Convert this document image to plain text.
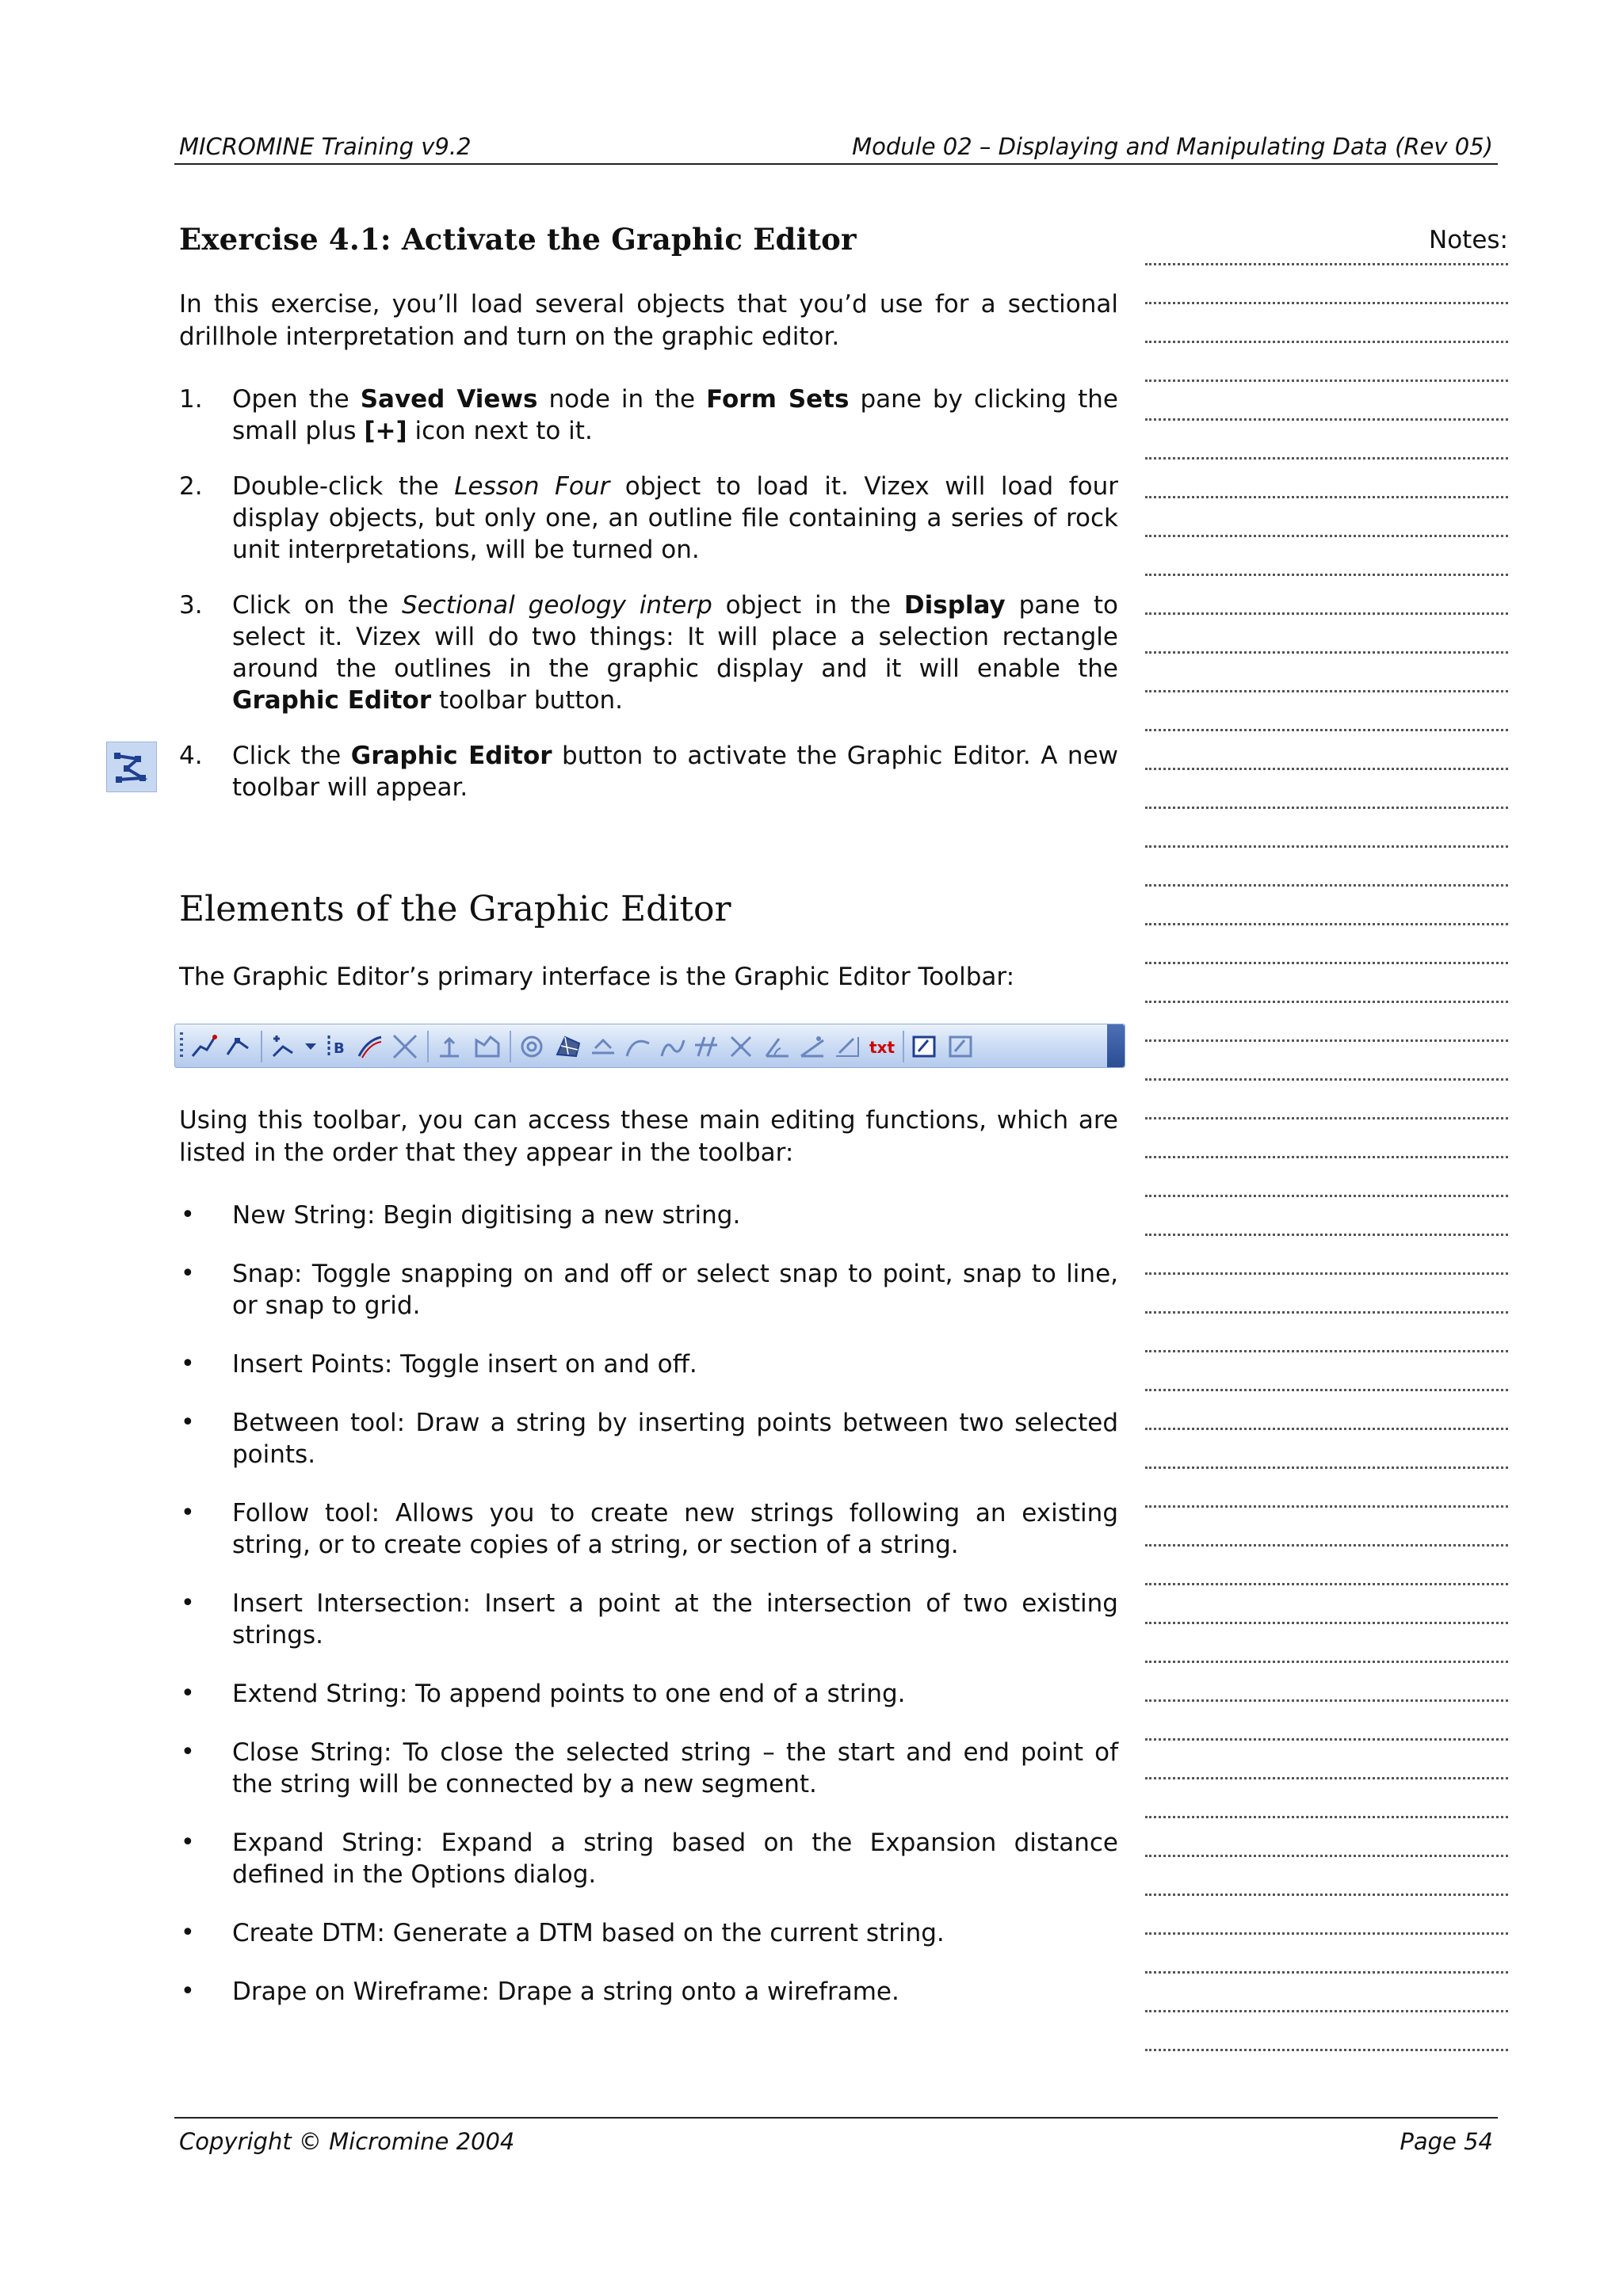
MICROMINE Training v9.2	Module 02 – Displaying and Manipulating Data (Rev 05)
Exercise 4.1: Activate the Graphic Editor

In this exercise, you’ll load several objects that you’d use for a sectional drillhole interpretation and turn on the graphic editor.

1. Open the Saved Views node in the Form Sets pane by clicking the small plus [+] icon next to it.
2. Double-click the Lesson Four object to load it. Vizex will load four display objects, but only one, an outline file containing a series of rock unit interpretations, will be turned on.
3. Click on the Sectional geology interp object in the Display pane to select it. Vizex will do two things: It will place a selection rectangle around the outlines in the graphic display and it will enable the Graphic Editor toolbar button.
4. Click the Graphic Editor button to activate the Graphic Editor. A new toolbar will appear.
Elements of the Graphic Editor

The Graphic Editor’s primary interface is the Graphic Editor Toolbar:

B	txt

Using this toolbar, you can access these main editing functions, which are listed in the order that they appear in the toolbar:

• New String: Begin digitising a new string.
• Snap: Toggle snapping on and off or select snap to point, snap to line, or snap to grid.
• Insert Points: Toggle insert on and off.
• Between tool: Draw a string by inserting points between two selected points.
• Follow tool: Allows you to create new strings following an existing string, or to create copies of a string, or section of a string.
• Insert Intersection: Insert a point at the intersection of two existing strings.
• Extend String: To append points to one end of a string.
• Close String: To close the selected string – the start and end point of the string will be connected by a new segment.
• Expand String: Expand a string based on the Expansion distance defined in the Options dialog.
• Create DTM: Generate a DTM based on the current string.
• Drape on Wireframe: Drape a string onto a wireframe.
Notes:
Copyright © Micromine 2004	Page 54
